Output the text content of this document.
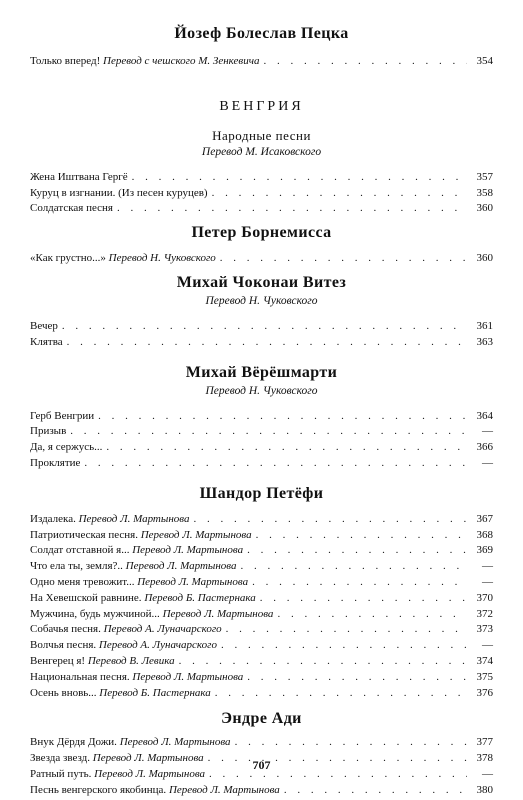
Йозеф Болеслав Пецка
Только вперед! Перевод с чешского М. Зенкевича . . .	354
ВЕНГРИЯ
Народные песни
Перевод М. Исаковского
Жена Иштвана Гергё . . .	357
Куруц в изгнании. (Из песен куруцев) . . .	358
Солдатская песня . . .	360
Петер Борнемисса
«Как грустно...» Перевод Н. Чуковского . . .	360
Михай Чоконаи Витез
Перевод Н. Чуковского
Вечер . . .	361
Клятва . . .	363
Михай Вёрёшмарти
Перевод Н. Чуковского
Герб Венгрии . . .	364
Призыв . . .	—
Да, я сержусь... . . .	366
Проклятие . . .	—
Шандор Петёфи
Издалека. Перевод Л. Мартынова . . .	367
Патриотическая песня. Перевод Л. Мартынова . . .	368
Солдат отставной я... Перевод Л. Мартынова . . .	369
Что ела ты, земля?.. Перевод Л. Мартынова . . .	—
Одно меня тревожит... Перевод Л. Мартынова . . .	—
На Хевешской равнине. Перевод Б. Пастернака . . .	370
Мужчина, будь мужчиной... Перевод Л. Мартынова . . .	372
Собачья песня. Перевод А. Луначарского . . .	373
Волчья песня. Перевод А. Луначарского . . .	—
Венгерец я! Перевод В. Левика . . .	374
Национальная песня. Перевод Л. Мартынова . . .	375
Осень вновь... Перевод Б. Пастернака . . .	376
Эндре Ади
Внук Дёрдя Дожи. Перевод Л. Мартынова . . .	377
Звезда звезд. Перевод Л. Мартынова . . .	378
Ратный путь. Перевод Л. Мартынова . . .	—
Песнь венгерского якобинца. Перевод Л. Мартынова . . .	380
707
